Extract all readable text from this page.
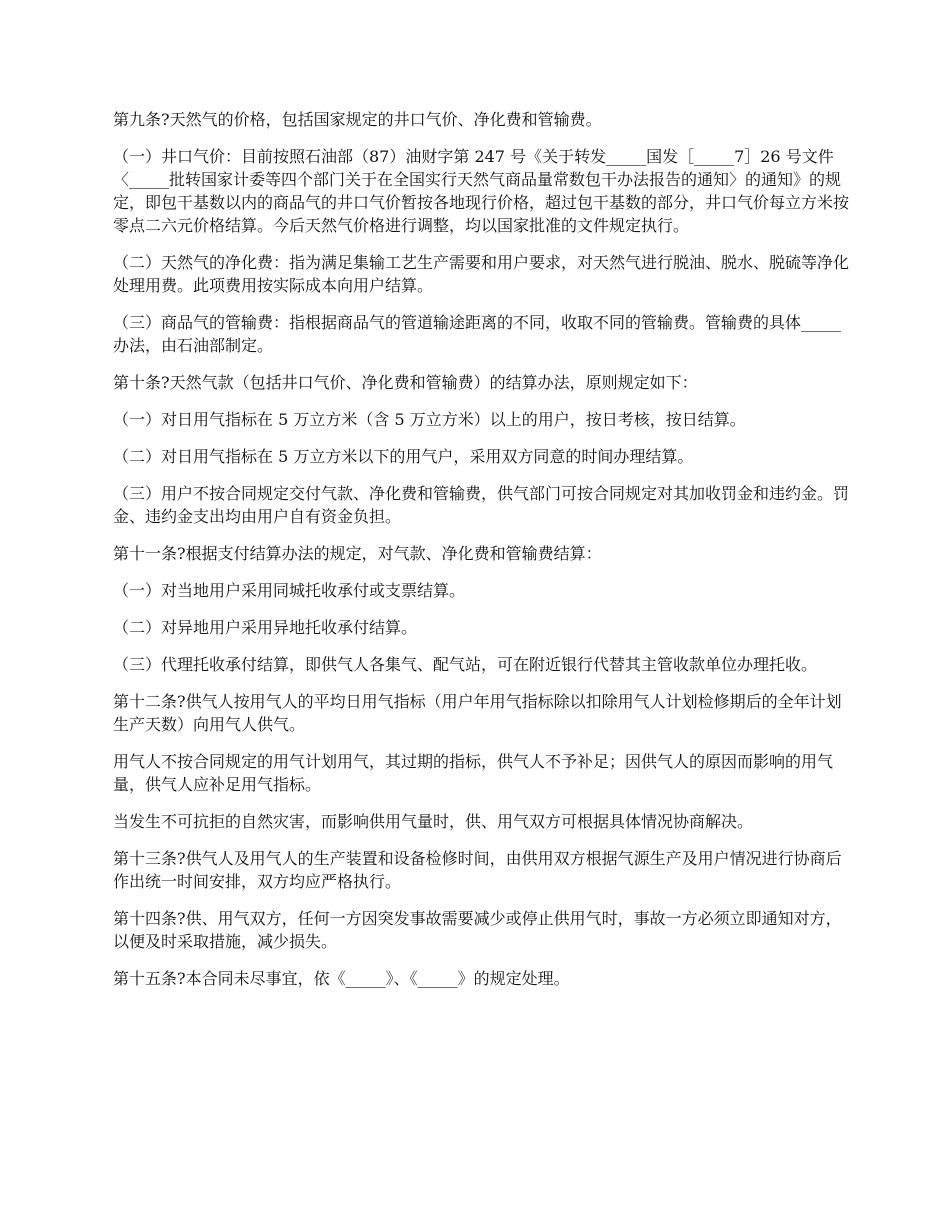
第九条?天然气的价格，包括国家规定的井口气价、净化费和管输费。

（一）井口气价：目前按照石油部（87）油财字第 247 号《关于转发_____国发［_____7］26 号文件〈_____批转国家计委等四个部门关于在全国实行天然气商品量常数包干办法报告的通知〉的通知》的规定，即包干基数以内的商品气的井口气价暂按各地现行价格，超过包干基数的部分，井口气价每立方米按零点二六元价格结算。今后天然气价格进行调整，均以国家批准的文件规定执行。

（二）天然气的净化费：指为满足集输工艺生产需要和用户要求，对天然气进行脱油、脱水、脱硫等净化处理用费。此项费用按实际成本向用户结算。

（三）商品气的管输费：指根据商品气的管道输途距离的不同，收取不同的管输费。管输费的具体_____办法，由石油部制定。

第十条?天然气款（包括井口气价、净化费和管输费）的结算办法，原则规定如下：

（一）对日用气指标在 5 万立方米（含 5 万立方米）以上的用户，按日考核，按日结算。

（二）对日用气指标在 5 万立方米以下的用气户，采用双方同意的时间办理结算。

（三）用户不按合同规定交付气款、净化费和管输费，供气部门可按合同规定对其加收罚金和违约金。罚金、违约金支出均由用户自有资金负担。

第十一条?根据支付结算办法的规定，对气款、净化费和管输费结算：

（一）对当地用户采用同城托收承付或支票结算。

（二）对异地用户采用异地托收承付结算。

（三）代理托收承付结算，即供气人各集气、配气站，可在附近银行代替其主管收款单位办理托收。

第十二条?供气人按用气人的平均日用气指标（用户年用气指标除以扣除用气人计划检修期后的全年计划生产天数）向用气人供气。

用气人不按合同规定的用气计划用气，其过期的指标，供气人不予补足；因供气人的原因而影响的用气量，供气人应补足用气指标。

当发生不可抗拒的自然灾害，而影响供用气量时，供、用气双方可根据具体情况协商解决。

第十三条?供气人及用气人的生产装置和设备检修时间，由供用双方根据气源生产及用户情况进行协商后作出统一时间安排，双方均应严格执行。

第十四条?供、用气双方，任何一方因突发事故需要减少或停止供用气时，事故一方必须立即通知对方，以便及时采取措施，减少损失。

第十五条?本合同未尽事宜，依《_____》、《_____》的规定处理。
